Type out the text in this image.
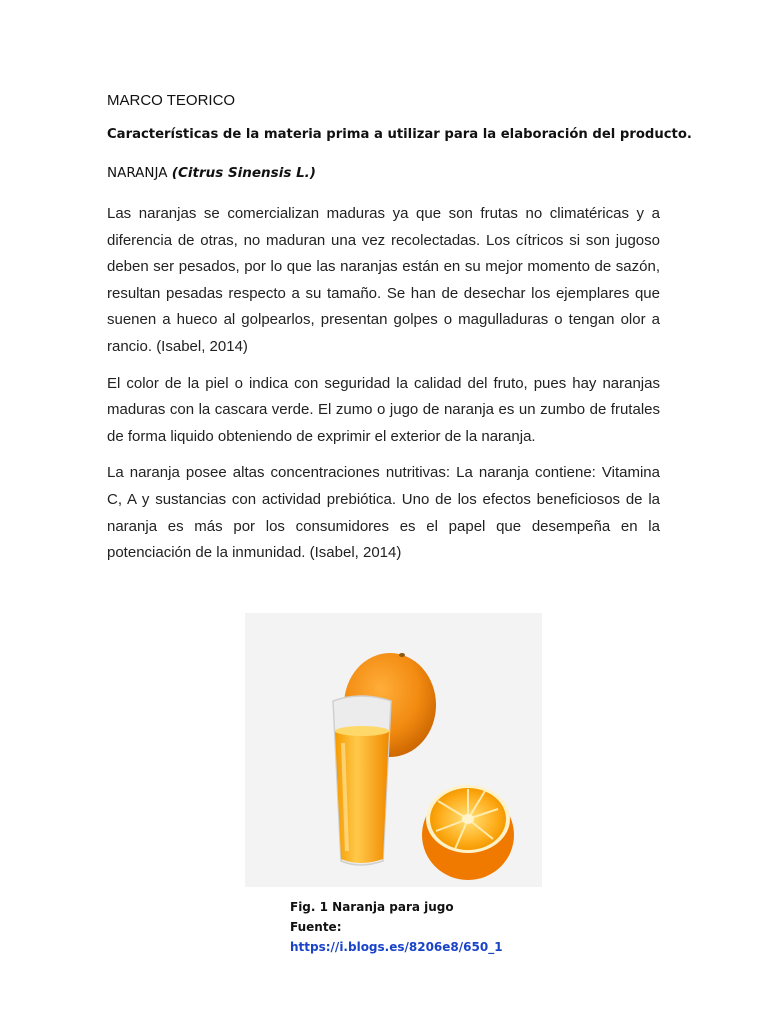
MARCO TEORICO

Características de la materia prima a utilizar para la elaboración del producto.

NARANJA (Citrus Sinensis L.)

Las naranjas se comercializan maduras ya que son frutas no climatéricas y a diferencia de otras, no maduran una vez recolectadas. Los cítricos si son jugoso deben ser pesados, por lo que las naranjas están en su mejor momento de sazón, resultan pesadas respecto a su tamaño. Se han de desechar los ejemplares que suenen a hueco al golpearlos, presentan golpes o magulladuras o tengan olor a rancio. (Isabel, 2014)

El color de la piel o indica con seguridad la calidad del fruto, pues hay naranjas maduras con la cascara verde. El zumo o jugo de naranja es un zumbo de frutales de forma liquido obteniendo de exprimir el exterior de la naranja.

La naranja posee altas concentraciones nutritivas: La naranja contiene: Vitamina C, A y sustancias con actividad prebiótica. Uno de los efectos beneficiosos de la naranja es más por los consumidores es el papel que desempeña en la potenciación de la inmunidad. (Isabel, 2014)

Fig. 1 Naranja para jugo
Fuente:
https://i.blogs.es/8206e8/650_1
